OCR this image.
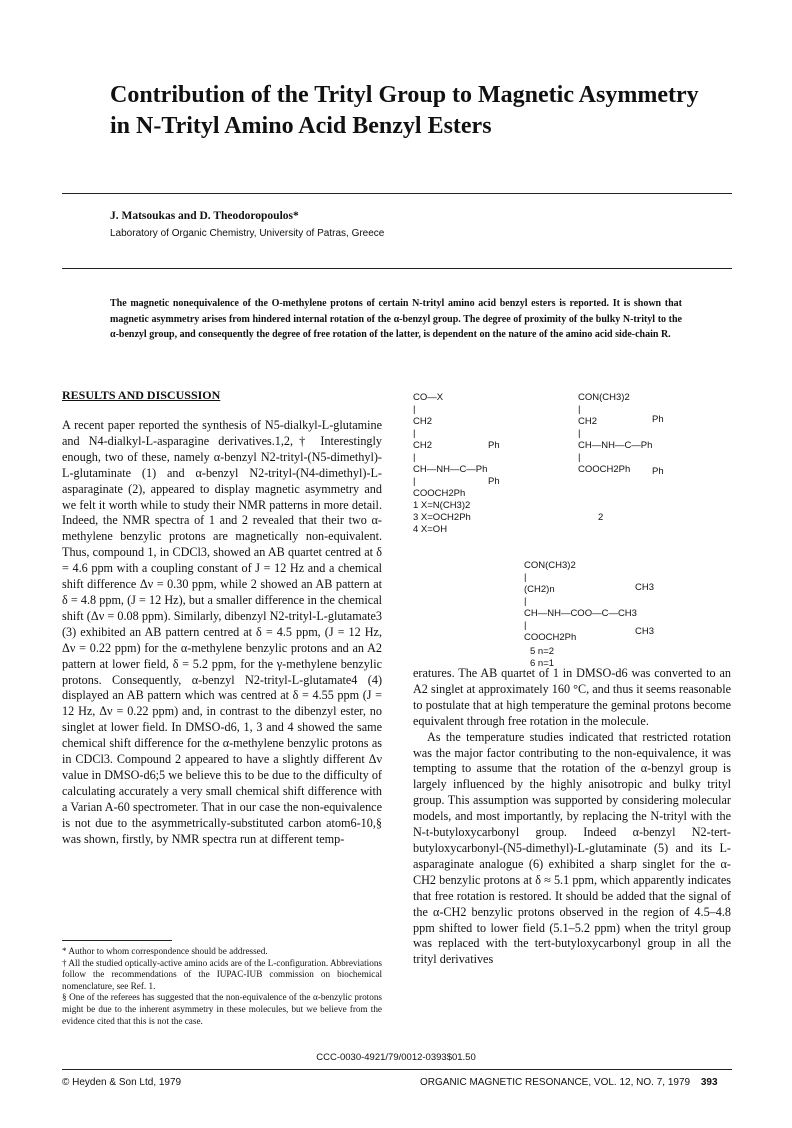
Contribution of the Trityl Group to Magnetic Asymmetry in N-Trityl Amino Acid Benzyl Esters
J. Matsoukas and D. Theodoropoulos*
Laboratory of Organic Chemistry, University of Patras, Greece
The magnetic nonequivalence of the O-methylene protons of certain N-trityl amino acid benzyl esters is reported. It is shown that magnetic asymmetry arises from hindered internal rotation of the α-benzyl group. The degree of proximity of the bulky N-trityl to the α-benzyl group, and consequently the degree of free rotation of the latter, is dependent on the nature of the amino acid side-chain R.
RESULTS AND DISCUSSION
A recent paper reported the synthesis of N5-dialkyl-L-glutamine and N4-dialkyl-L-asparagine derivatives.1,2,† Interestingly enough, two of these, namely α-benzyl N2-trityl-(N5-dimethyl)-L-glutaminate (1) and α-benzyl N2-trityl-(N4-dimethyl)-L-asparaginate (2), appeared to display magnetic asymmetry and we felt it worth while to study their NMR patterns in more detail. Indeed, the NMR spectra of 1 and 2 revealed that their two α-methylene benzylic protons are magnetically non-equivalent. Thus, compound 1, in CDCl3, showed an AB quartet centred at δ = 4.6 ppm with a coupling constant of J = 12 Hz and a chemical shift difference Δν = 0.30 ppm, while 2 showed an AB pattern at δ = 4.8 ppm, (J = 12 Hz), but a smaller difference in the chemical shift (Δν = 0.08 ppm). Similarly, dibenzyl N2-trityl-L-glutamate3 (3) exhibited an AB pattern centred at δ = 4.5 ppm, (J = 12 Hz, Δν = 0.22 ppm) for the α-methylene benzylic protons and an A2 pattern at lower field, δ = 5.2 ppm, for the γ-methylene benzylic protons. Consequently, α-benzyl N2-trityl-L-glutamate4 (4) displayed an AB pattern which was centred at δ = 4.55 ppm (J = 12 Hz, Δν = 0.22 ppm) and, in contrast to the dibenzyl ester, no singlet at lower field. In DMSO-d6, 1, 3 and 4 showed the same chemical shift difference for the α-methylene benzylic protons as in CDCl3. Compound 2 appeared to have a slightly different Δν value in DMSO-d6;5 we believe this to be due to the difficulty of calculating accurately a very small chemical shift difference with a Varian A-60 spectrometer. That in our case the non-equivalence is not due to the asymmetrically-substituted carbon atom6-10,§ was shown, firstly, by NMR spectra run at different temp-
CO—X
|
CH2
|
CH2
|
CH—NH—C—Ph
|
COOCH2Ph
Ph
Ph
1 X=N(CH3)2
3 X=OCH2Ph
4 X=OH
CON(CH3)2
|
CH2
|
CH—NH—C—Ph
|
COOCH2Ph
Ph
Ph
2
CON(CH3)2
|
(CH2)n
|
CH—NH—COO—C—CH3
|
COOCH2Ph
CH3
CH3
5 n=2
6 n=1

eratures. The AB quartet of 1 in DMSO-d6 was converted to an A2 singlet at approximately 160 °C, and thus it seems reasonable to postulate that at high temperature the geminal protons become equivalent through free rotation in the molecule.

As the temperature studies indicated that restricted rotation was the major factor contributing to the non-equivalence, it was tempting to assume that the rotation of the α-benzyl group is largely influenced by the highly anisotropic and bulky trityl group. This assumption was supported by considering molecular models, and most importantly, by replacing the N-trityl with the N-t-butyloxycarbonyl group. Indeed α-benzyl N2-tert-butyloxycarbonyl-(N5-dimethyl)-L-glutaminate (5) and its L-asparaginate analogue (6) exhibited a sharp singlet for the α-CH2 benzylic protons at δ ≈ 5.1 ppm, which apparently indicates that free rotation is restored. It should be added that the signal of the α-CH2 benzylic protons observed in the region of 4.5–4.8 ppm shifted to lower field (5.1–5.2 ppm) when the trityl group was replaced with the tert-butyloxycarbonyl group in all the trityl derivatives

* Author to whom correspondence should be addressed.

† All the studied optically-active amino acids are of the L-configuration. Abbreviations follow the recommendations of the IUPAC-IUB commission on biochemical nomenclature, see Ref. 1.

§ One of the referees has suggested that the non-equivalence of the α-benzylic protons might be due to the inherent asymmetry in these molecules, but we believe from the evidence cited that this is not the case.

CCC-0030-4921/79/0012-0393$01.50
© Heyden & Son Ltd, 1979	ORGANIC MAGNETIC RESONANCE, VOL. 12, NO. 7, 1979 393
